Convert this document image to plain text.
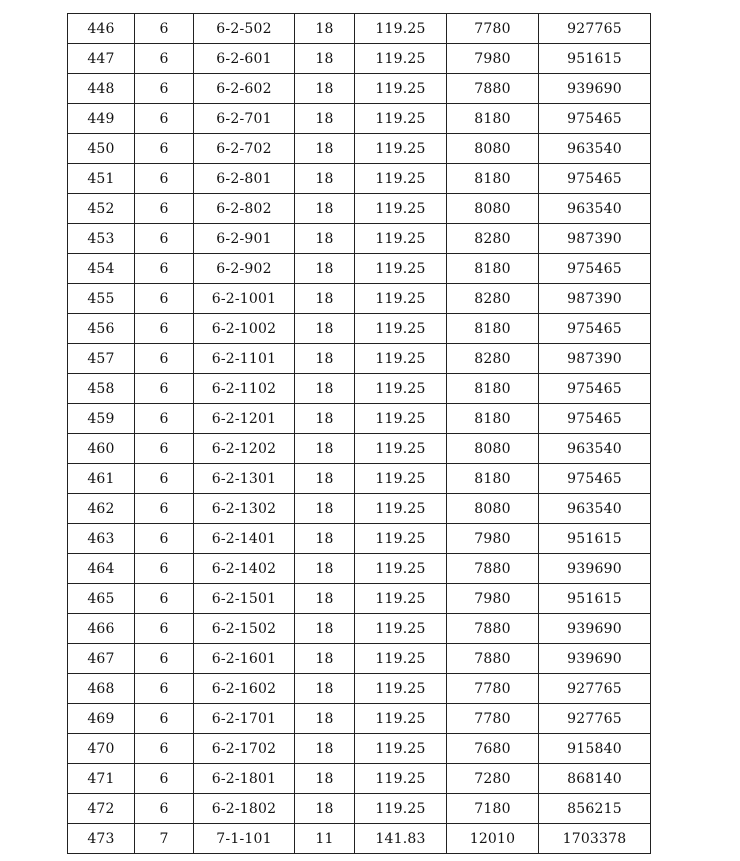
446	6	6-2-502	18	119.25	7780	927765
447	6	6-2-601	18	119.25	7980	951615
448	6	6-2-602	18	119.25	7880	939690
449	6	6-2-701	18	119.25	8180	975465
450	6	6-2-702	18	119.25	8080	963540
451	6	6-2-801	18	119.25	8180	975465
452	6	6-2-802	18	119.25	8080	963540
453	6	6-2-901	18	119.25	8280	987390
454	6	6-2-902	18	119.25	8180	975465
455	6	6-2-1001	18	119.25	8280	987390
456	6	6-2-1002	18	119.25	8180	975465
457	6	6-2-1101	18	119.25	8280	987390
458	6	6-2-1102	18	119.25	8180	975465
459	6	6-2-1201	18	119.25	8180	975465
460	6	6-2-1202	18	119.25	8080	963540
461	6	6-2-1301	18	119.25	8180	975465
462	6	6-2-1302	18	119.25	8080	963540
463	6	6-2-1401	18	119.25	7980	951615
464	6	6-2-1402	18	119.25	7880	939690
465	6	6-2-1501	18	119.25	7980	951615
466	6	6-2-1502	18	119.25	7880	939690
467	6	6-2-1601	18	119.25	7880	939690
468	6	6-2-1602	18	119.25	7780	927765
469	6	6-2-1701	18	119.25	7780	927765
470	6	6-2-1702	18	119.25	7680	915840
471	6	6-2-1801	18	119.25	7280	868140
472	6	6-2-1802	18	119.25	7180	856215
473	7	7-1-101	11	141.83	12010	1703378
